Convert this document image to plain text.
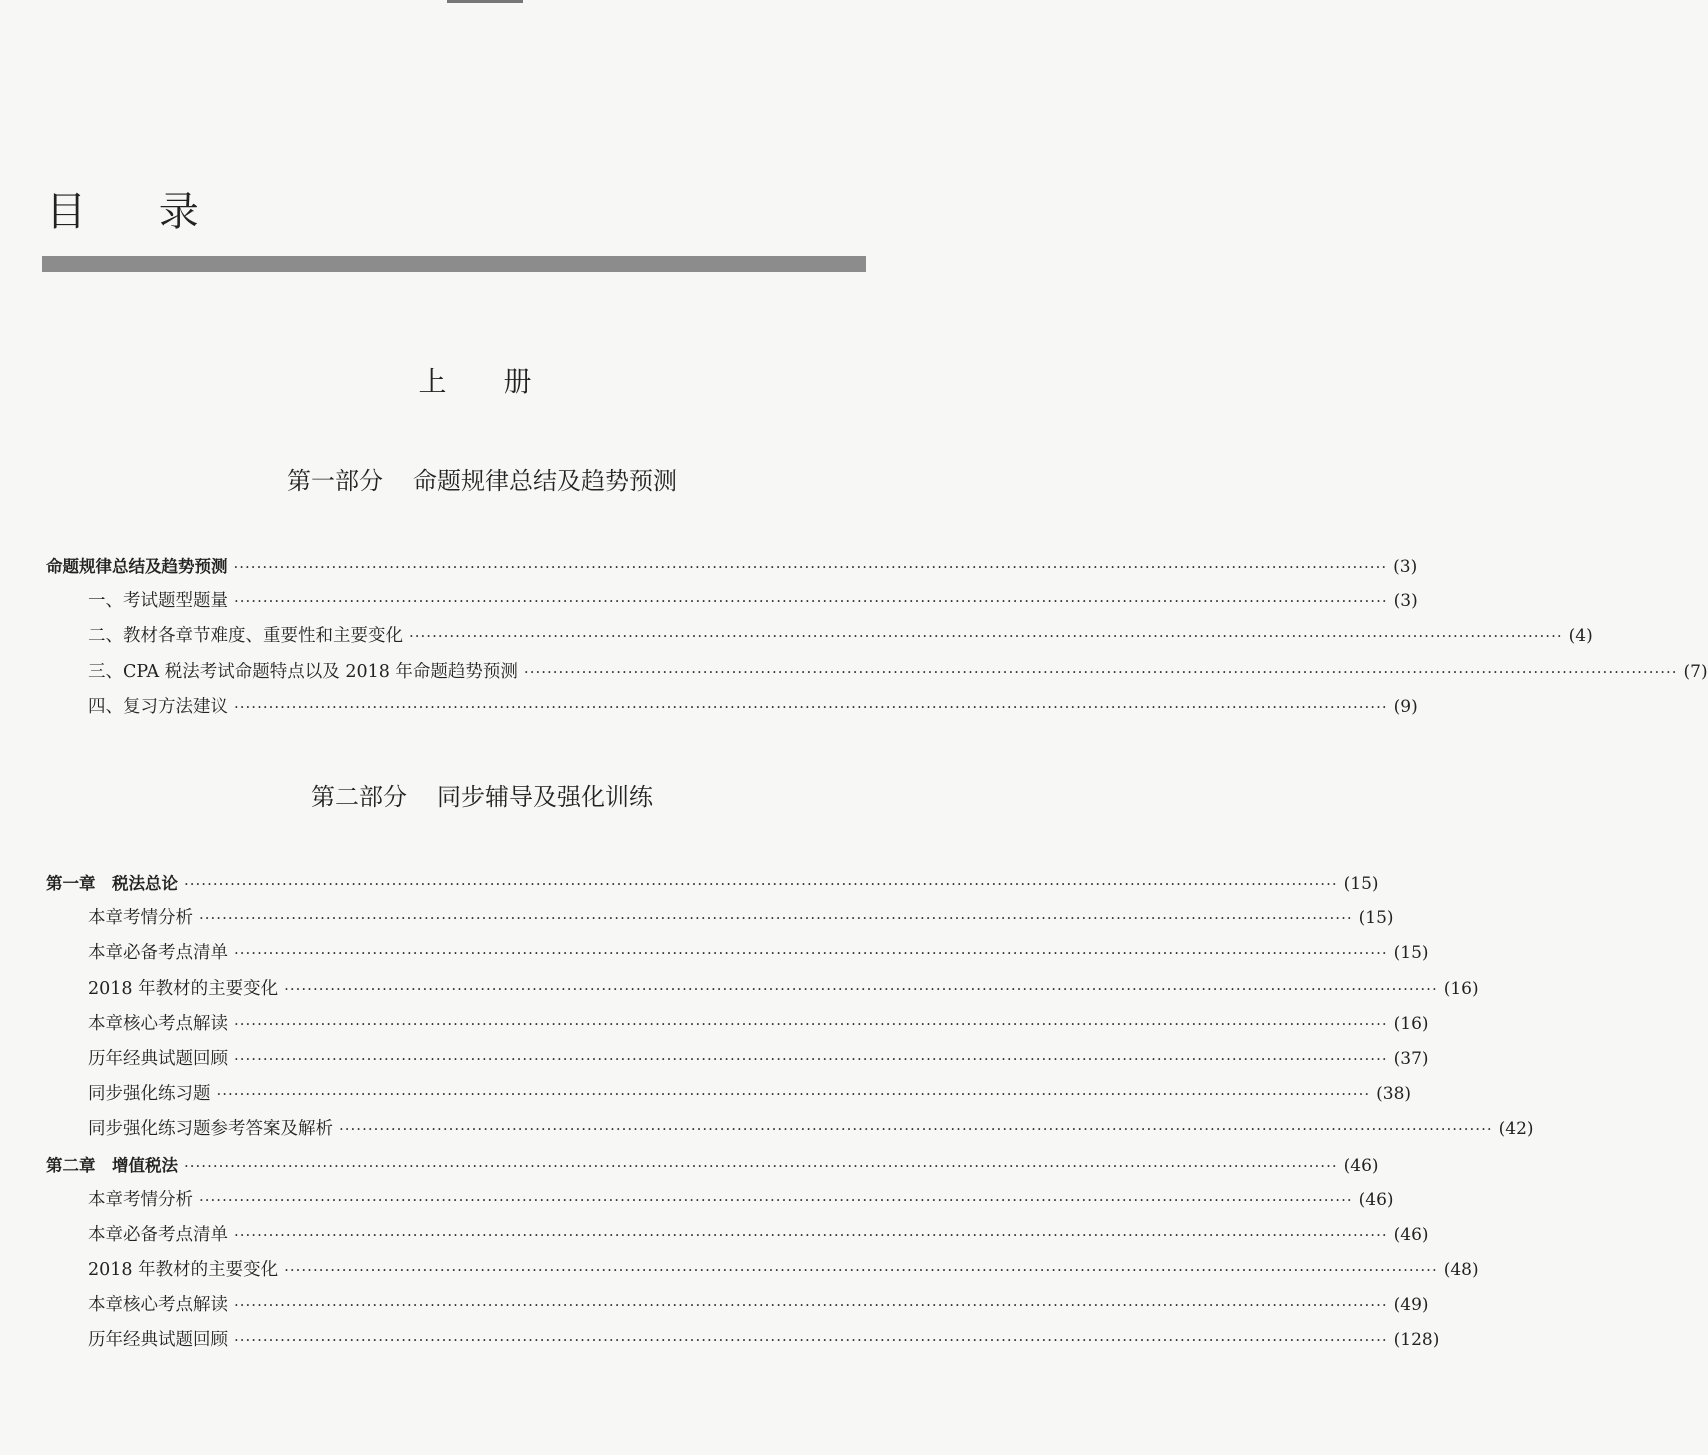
目 录
上 册
第一部分 命题规律总结及趋势预测
命题规律总结及趋势预测 ········································································································································································································ (3)
一、考试题型题量 ········································································································································································································ (3)
二、教材各章节难度、重要性和主要变化 ········································································································································································································ (4)
三、CPA 税法考试命题特点以及 2018 年命题趋势预测 ········································································································································································································ (7)
四、复习方法建议 ········································································································································································································ (9)
第二部分 同步辅导及强化训练
第一章　税法总论 ········································································································································································································ (15)
本章考情分析 ········································································································································································································ (15)
本章必备考点清单 ········································································································································································································ (15)
2018 年教材的主要变化 ········································································································································································································ (16)
本章核心考点解读 ········································································································································································································ (16)
历年经典试题回顾 ········································································································································································································ (37)
同步强化练习题 ········································································································································································································ (38)
同步强化练习题参考答案及解析 ········································································································································································································ (42)
第二章　增值税法 ········································································································································································································ (46)
本章考情分析 ········································································································································································································ (46)
本章必备考点清单 ········································································································································································································ (46)
2018 年教材的主要变化 ········································································································································································································ (48)
本章核心考点解读 ········································································································································································································ (49)
历年经典试题回顾 ········································································································································································································ (128)
